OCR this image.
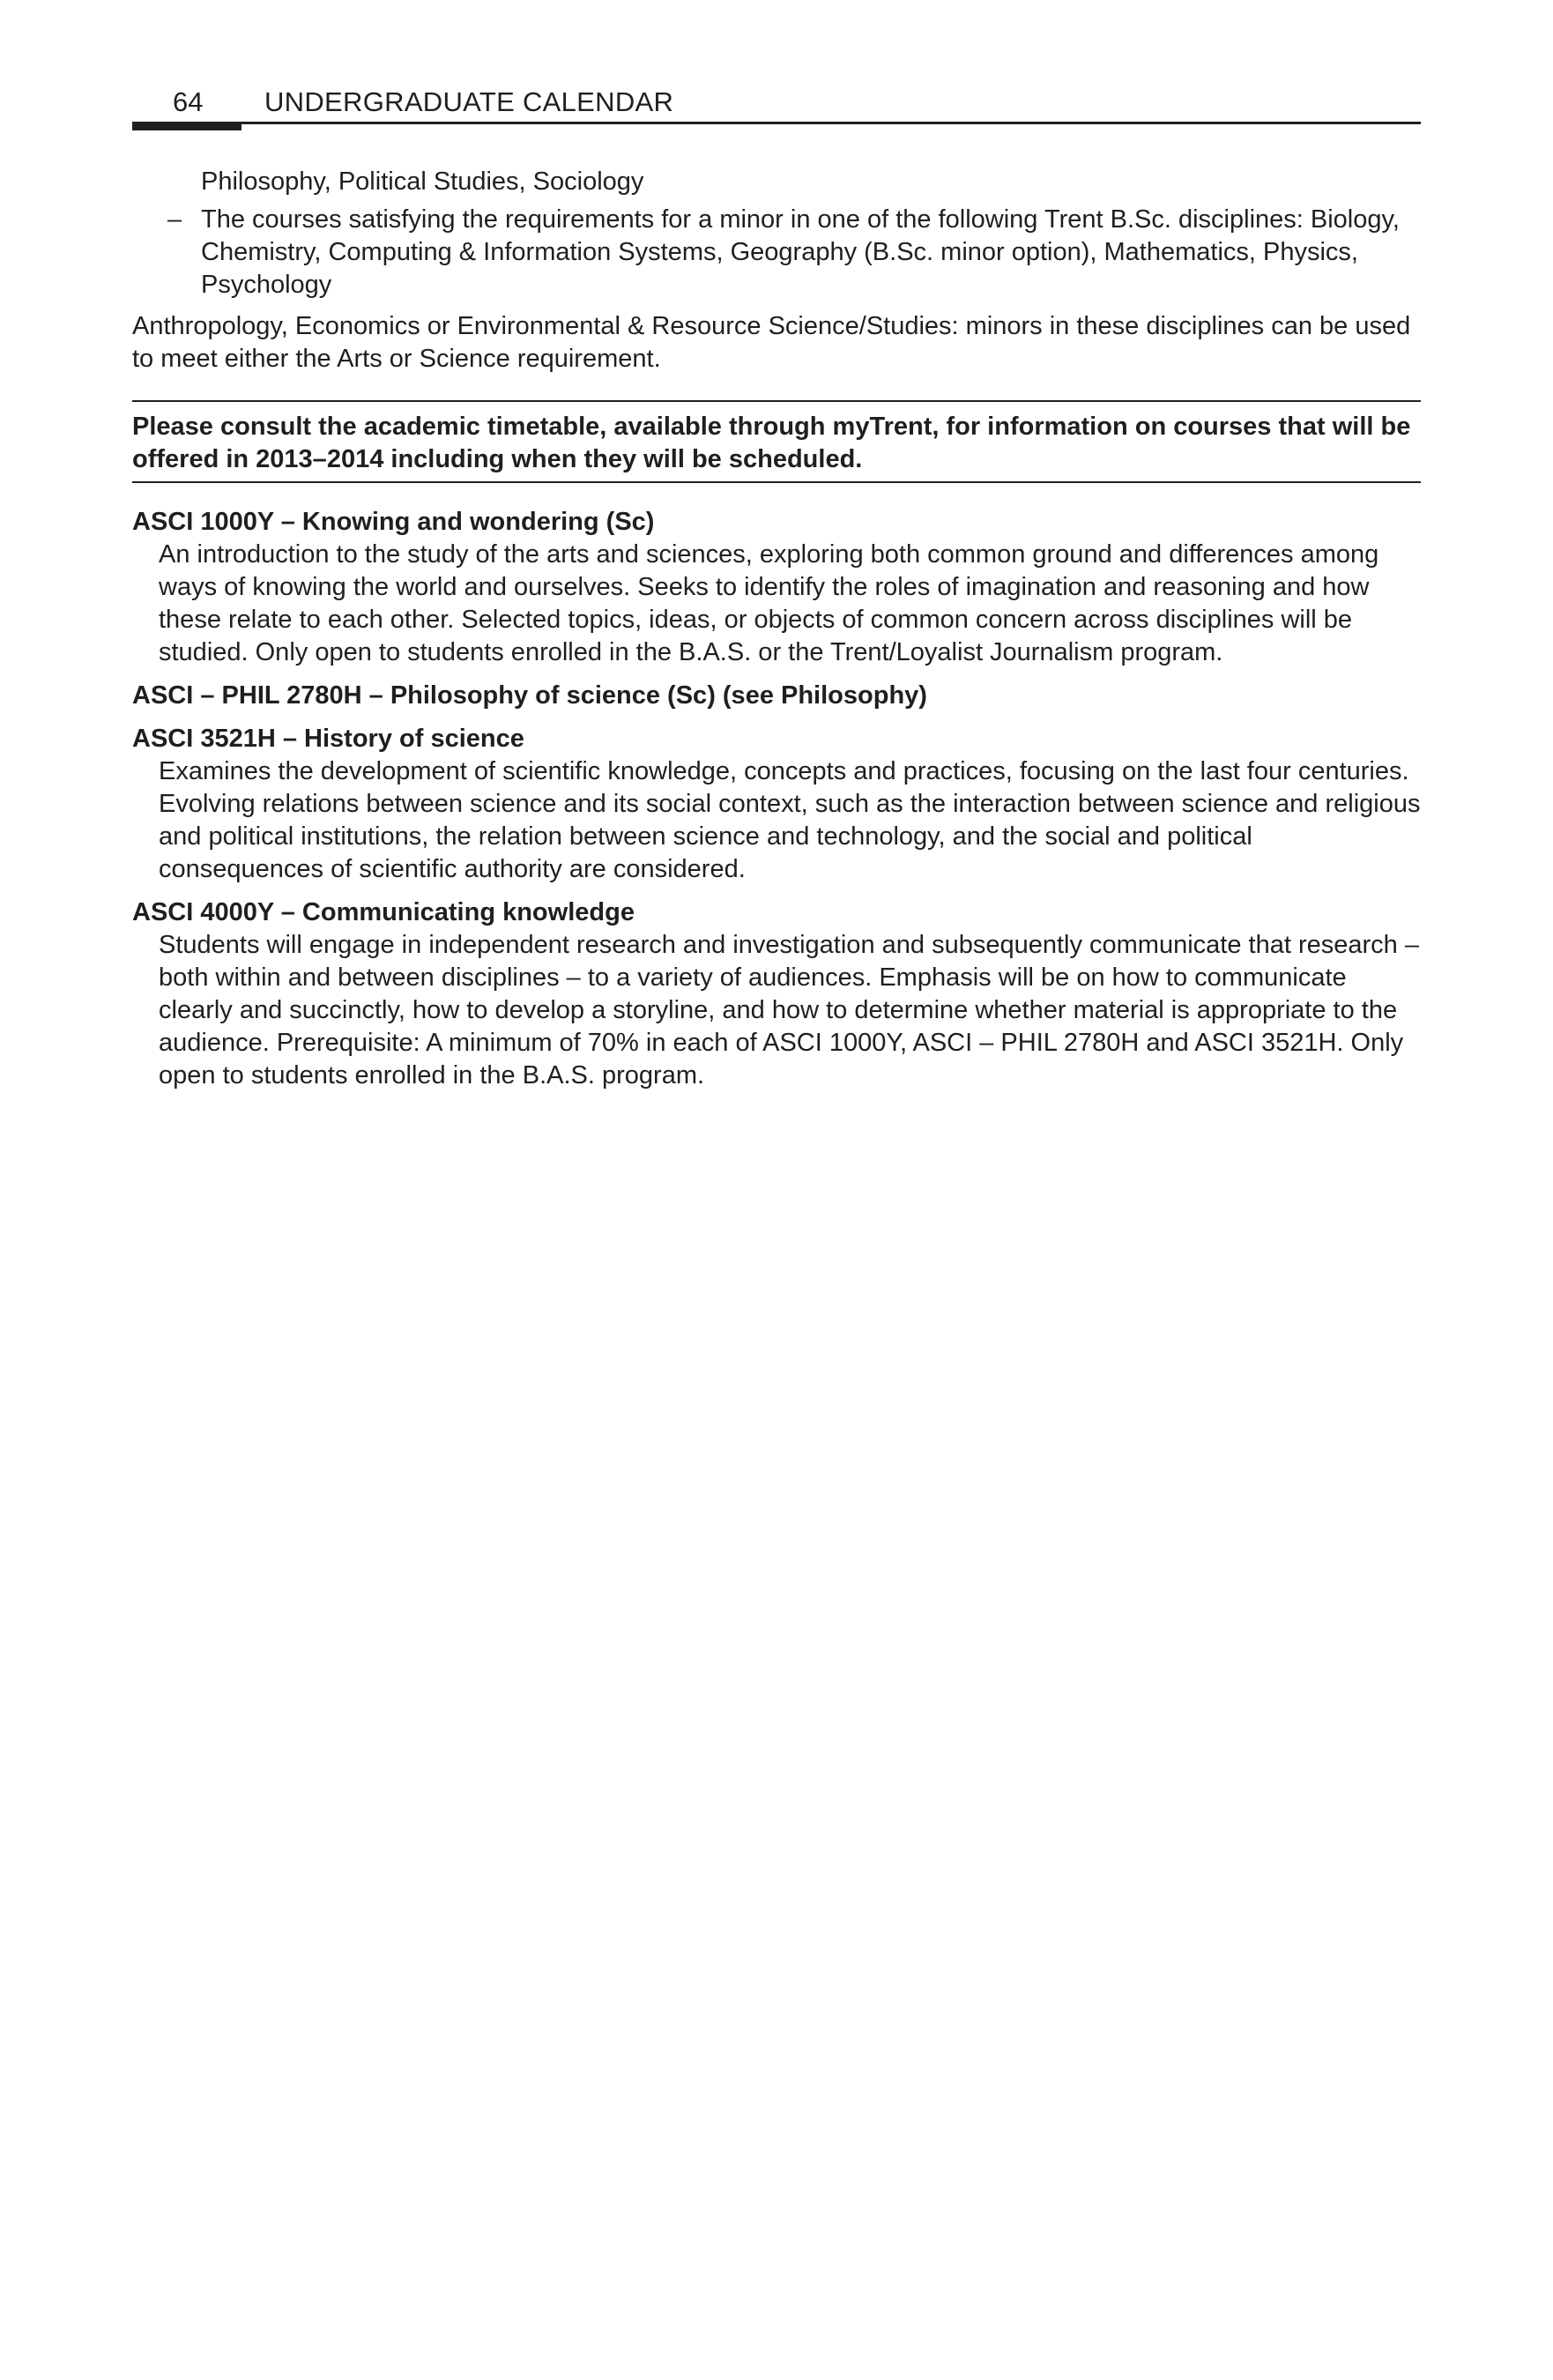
64 UNDERGRADUATE CALENDAR

Philosophy, Political Studies, Sociology

– The courses satisfying the requirements for a minor in one of the following Trent B.Sc. disciplines: Biology, Chemistry, Computing & Information Systems, Geography (B.Sc. minor option), Mathematics, Physics, Psychology

Anthropology, Economics or Environmental & Resource Science/Studies: minors in these disciplines can be used to meet either the Arts or Science requirement.

Please consult the academic timetable, available through myTrent, for information on courses that will be offered in 2013–2014 including when they will be scheduled.

ASCI 1000Y – Knowing and wondering (Sc)

An introduction to the study of the arts and sciences, exploring both common ground and differences among ways of knowing the world and ourselves. Seeks to identify the roles of imagination and reasoning and how these relate to each other. Selected topics, ideas, or objects of common concern across disciplines will be studied. Only open to students enrolled in the B.A.S. or the Trent/Loyalist Journalism program.

ASCI – PHIL 2780H – Philosophy of science (Sc) (see Philosophy)

ASCI 3521H – History of science

Examines the development of scientific knowledge, concepts and practices, focusing on the last four centuries. Evolving relations between science and its social context, such as the interaction between science and religious and political institutions, the relation between science and technology, and the social and political consequences of scientific authority are considered.

ASCI 4000Y – Communicating knowledge

Students will engage in independent research and investigation and subsequently communicate that research – both within and between disciplines – to a variety of audiences. Emphasis will be on how to communicate clearly and succinctly, how to develop a storyline, and how to determine whether material is appropriate to the audience. Prerequisite: A minimum of 70% in each of ASCI 1000Y, ASCI – PHIL 2780H and ASCI 3521H. Only open to students enrolled in the B.A.S. program.
